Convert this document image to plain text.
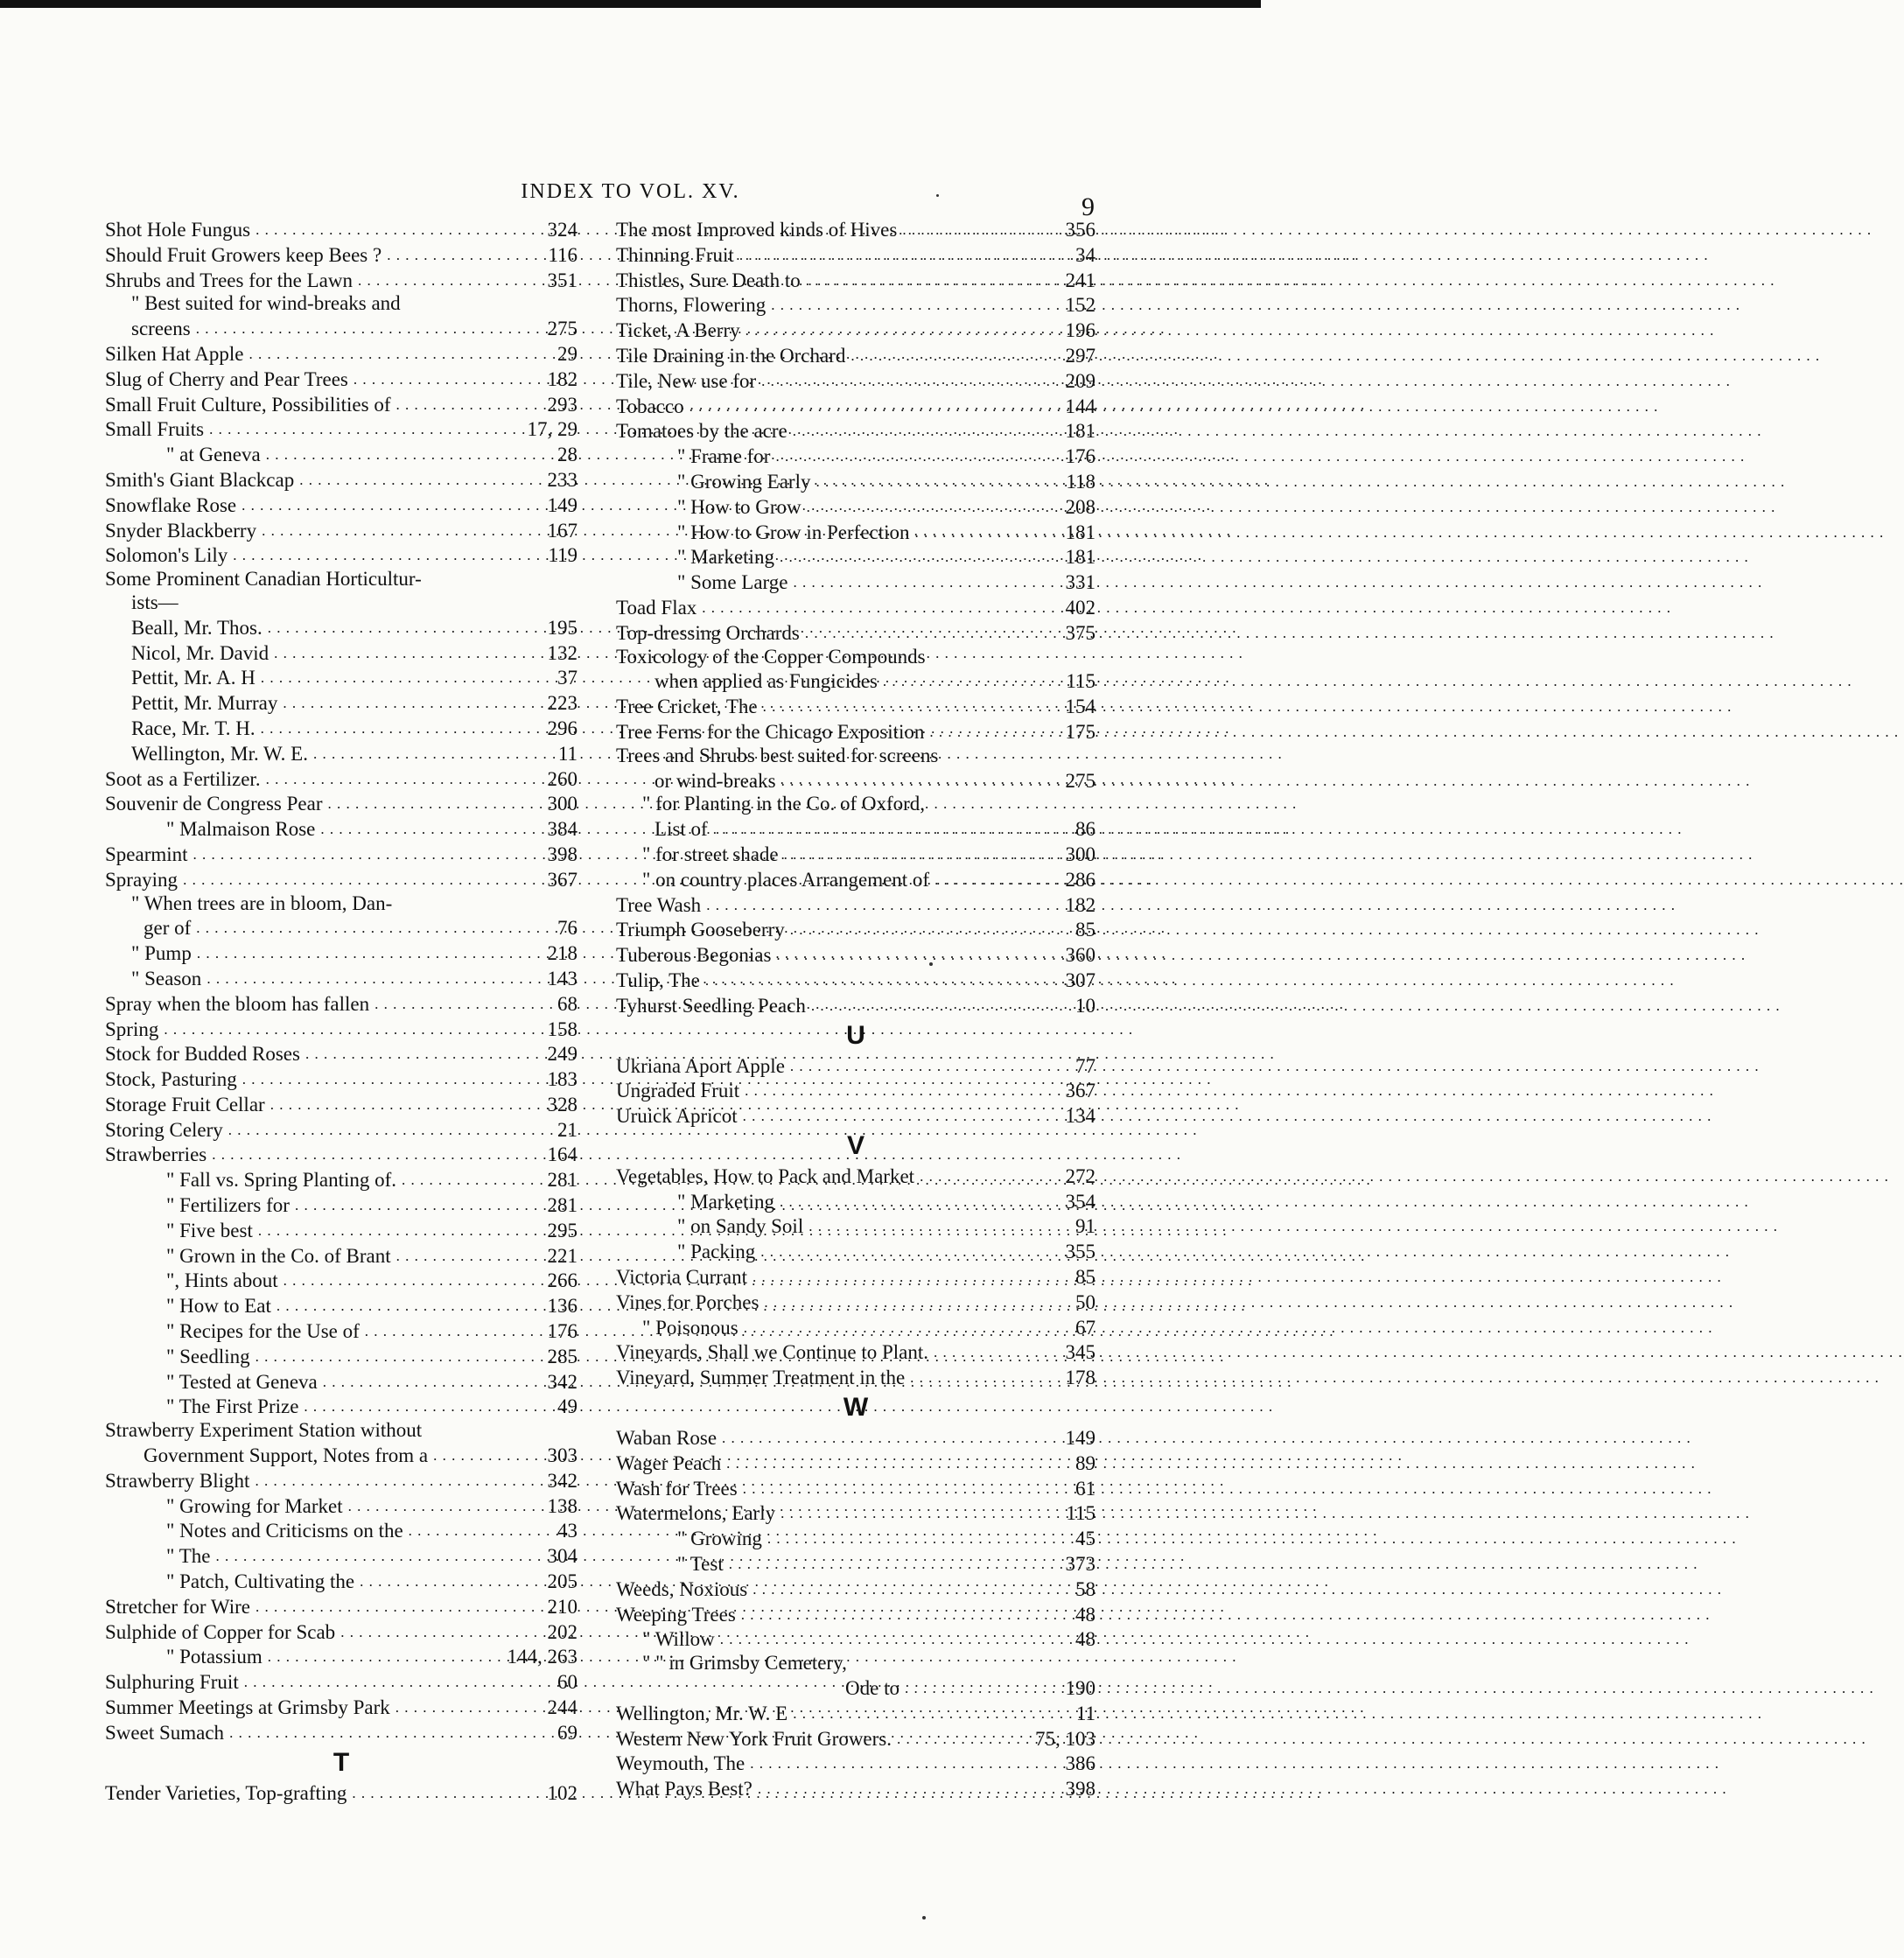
INDEX TO VOL. XV.
9
Shot Hole Fungus . . .	324
Should Fruit Growers keep Bees ? . . .	116
Shrubs and Trees for the Lawn . . .	351
" Best suited for wind-breaks and
screens . . .	275
Silken Hat Apple . . .	29
Slug of Cherry and Pear Trees . . .	182
Small Fruit Culture, Possibilities of . . .	293
Small Fruits . . .	17, 29
" at Geneva . . .	28
Smith's Giant Blackcap . . .	233
Snowflake Rose . . .	149
Snyder Blackberry . . .	167
Solomon's Lily . . .	119
Some Prominent Canadian Horticultur-
ists—
Beall, Mr. Thos. . . .	195
Nicol, Mr. David . . .	132
Pettit, Mr. A. H . . .	37
Pettit, Mr. Murray . . .	223
Race, Mr. T. H. . . .	296
Wellington, Mr. W. E. . . .	11
Soot as a Fertilizer. . . .	260
Souvenir de Congress Pear . . .	300
" Malmaison Rose . . .	384
Spearmint . . .	398
Spraying . . .	367
" When trees are in bloom, Dan-
ger of . . .	76
" Pump . . .	218
" Season . . .	143
Spray when the bloom has fallen . . .	68
Spring . . .	158
Stock for Budded Roses . . .	249
Stock, Pasturing . . .	183
Storage Fruit Cellar . . .	328
Storing Celery . . .	21
Strawberries . . .	164
" Fall vs. Spring Planting of. . . .	281
" Fertilizers for . . .	281
" Five best . . .	295
" Grown in the Co. of Brant . . .	221
", Hints about . . .	266
" How to Eat . . .	136
" Recipes for the Use of . . .	176
" Seedling . . .	285
" Tested at Geneva . . .	342
" The First Prize . . .	49
Strawberry Experiment Station without
Government Support, Notes from a . . .	303
Strawberry Blight . . .	342
" Growing for Market . . .	138
" Notes and Criticisms on the . . .	43
" The . . .	304
" Patch, Cultivating the . . .	205
Stretcher for Wire . . .	210
Sulphide of Copper for Scab . . .	202
" Potassium . . .	144, 263
Sulphuring Fruit . . .	60
Summer Meetings at Grimsby Park . . .	244
Sweet Sumach . . .	69
T
Tender Varieties, Top-grafting . . .	102
The most Improved kinds of Hives . . .	356
Thinning Fruit . . .	34
Thistles, Sure Death to . . .	241
Thorns, Flowering . . .	152
Ticket, A Berry . . .	196
Tile Draining in the Orchard . . .	297
Tile, New use for . . .	209
Tobacco . . .	144
Tomatoes by the acre . . .	181
" Frame for . . .	176
" Growing Early . . .	118
" How to Grow . . .	208
" How to Grow in Perfection . . .	181
" Marketing . . .	181
" Some Large . . .	331
Toad Flax . . .	402
Top-dressing Orchards . . .	375
Toxicology of the Copper Compounds
when applied as Fungicides . . .	115
Tree Cricket, The . . .	154
Tree Ferns for the Chicago Exposition . . .	175
Trees and Shrubs best suited for screens
or wind-breaks . . .	275
" for Planting in the Co. of Oxford,
List of . . .	86
" for street shade . . .	300
" on country places Arrangement of . . .	286
Tree Wash . . .	182
Triumph Gooseberry . . .	85
Tuberous Begonias . . .	360
Tulip, The . . .	307
Tyhurst Seedling Peach . . .	10
U
Ukriana Aport Apple . . .	77
Ungraded Fruit . . .	367
Uruick Apricot . . .	134
V
Vegetables, How to Pack and Market . . .	272
" Marketing . . .	354
" on Sandy Soil . . .	91
" Packing . . .	355
Victoria Currant . . .	85
Vines for Porches . . .	50
" Poisonous . . .	67
Vineyards, Shall we Continue to Plant. . . .	345
Vineyard, Summer Treatment in the . . .	178
W
Waban Rose . . .	149
Wager Peach . . .	89
Wash for Trees . . .	61
Watermelons, Early . . .	115
" Growing . . .	45
" Test . . .	373
Weeds, Noxious . . .	58
Weeping Trees . . .	48
" Willow . . .	48
" " in Grimsby Cemetery,
Ode to . . .	190
Wellington, Mr. W. E . . .	11
Western New York Fruit Growers. . . .	75, 103
Weymouth, The . . .	386
What Pays Best? . . .	398
